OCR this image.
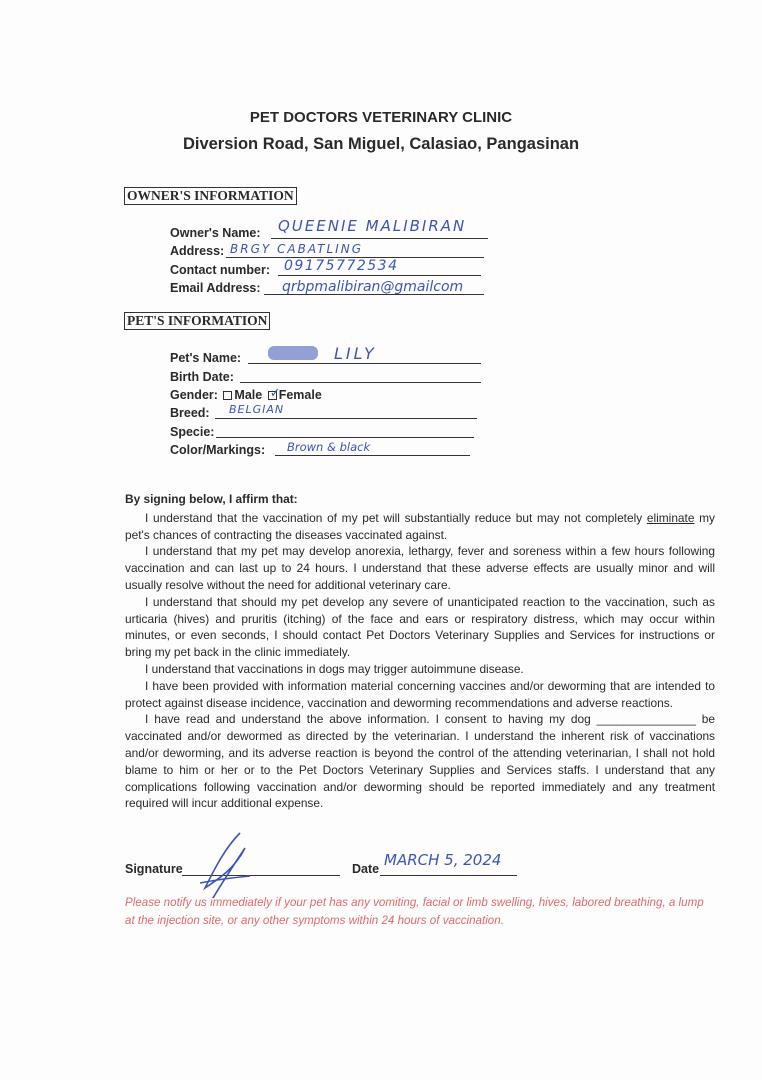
PET DOCTORS VETERINARY CLINIC
Diversion Road, San Miguel, Calasiao, Pangasinan
OWNER'S INFORMATION
Owner's Name: QUEENIE MALIBIRAN
Address: BRGY CABATLING
Contact number: 09175772534
Email Address: qrbpmalibiran@gmailcom
PET'S INFORMATION
Pet's Name:	LILY
Birth Date:
Gender: Male ✓
Female
Breed: BELGIAN
Specie:
Color/Markings: Brown & black

By signing below, I affirm that:

I understand that the vaccination of my pet will substantially reduce but may not completely eliminate my pet's chances of contracting the diseases vaccinated against.

I understand that my pet may develop anorexia, lethargy, fever and soreness within a few hours following vaccination and can last up to 24 hours. I understand that these adverse effects are usually minor and will usually resolve without the need for additional veterinary care.

I understand that should my pet develop any severe of unanticipated reaction to the vaccination, such as urticaria (hives) and pruritis (itching) of the face and ears or respiratory distress, which may occur within minutes, or even seconds, I should contact Pet Doctors Veterinary Supplies and Services for instructions or bring my pet back in the clinic immediately.

I understand that vaccinations in dogs may trigger autoimmune disease.

I have been provided with information material concerning vaccines and/or deworming that are intended to protect against disease incidence, vaccination and deworming recommendations and adverse reactions.

I have read and understand the above information. I consent to having my dog _______________ be vaccinated and/or dewormed as directed by the veterinarian. I understand the inherent risk of vaccinations and/or deworming, and its adverse reaction is beyond the control of the attending veterinarian, I shall not hold blame to him or her or to the Pet Doctors Veterinary Supplies and Services staffs. I understand that any complications following vaccination and/or deworming should be reported immediately and any treatment required will incur additional expense.

Signature	Date MARCH 5, 2024
Please notify us immediately if your pet has any vomiting, facial or limb swelling, hives, labored breathing, a lump at the injection site, or any other symptoms within 24 hours of vaccination.
